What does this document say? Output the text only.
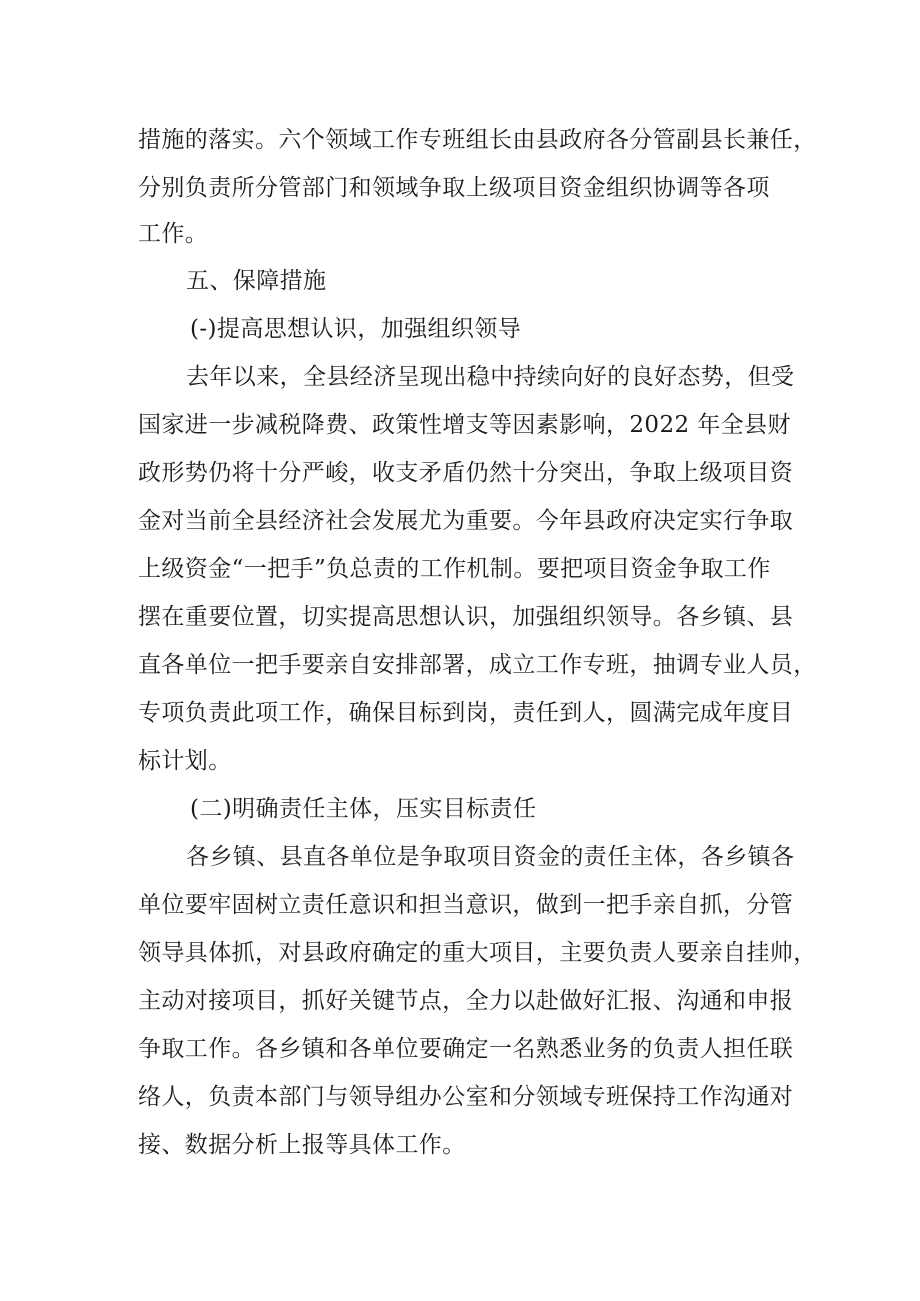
措施的落实。六个领域工作专班组长由县政府各分管副县长兼任，
分别负责所分管部门和领域争取上级项目资金组织协调等各项
工作。
五、保障措施
(-)提高思想认识，加强组织领导
去年以来，全县经济呈现出稳中持续向好的良好态势，但受
国家进一步减税降费、政策性增支等因素影响，2022 年全县财
政形势仍将十分严峻，收支矛盾仍然十分突出，争取上级项目资
金对当前全县经济社会发展尤为重要。今年县政府决定实行争取
上级资金“一把手”负总责的工作机制。要把项目资金争取工作
摆在重要位置，切实提高思想认识，加强组织领导。各乡镇、县
直各单位一把手要亲自安排部署，成立工作专班，抽调专业人员，
专项负责此项工作，确保目标到岗，责任到人，圆满完成年度目
标计划。
(二)明确责任主体，压实目标责任
各乡镇、县直各单位是争取项目资金的责任主体，各乡镇各
单位要牢固树立责任意识和担当意识，做到一把手亲自抓，分管
领导具体抓，对县政府确定的重大项目，主要负责人要亲自挂帅，
主动对接项目，抓好关键节点，全力以赴做好汇报、沟通和申报
争取工作。各乡镇和各单位要确定一名熟悉业务的负责人担任联
络人，负责本部门与领导组办公室和分领域专班保持工作沟通对
接、数据分析上报等具体工作。
